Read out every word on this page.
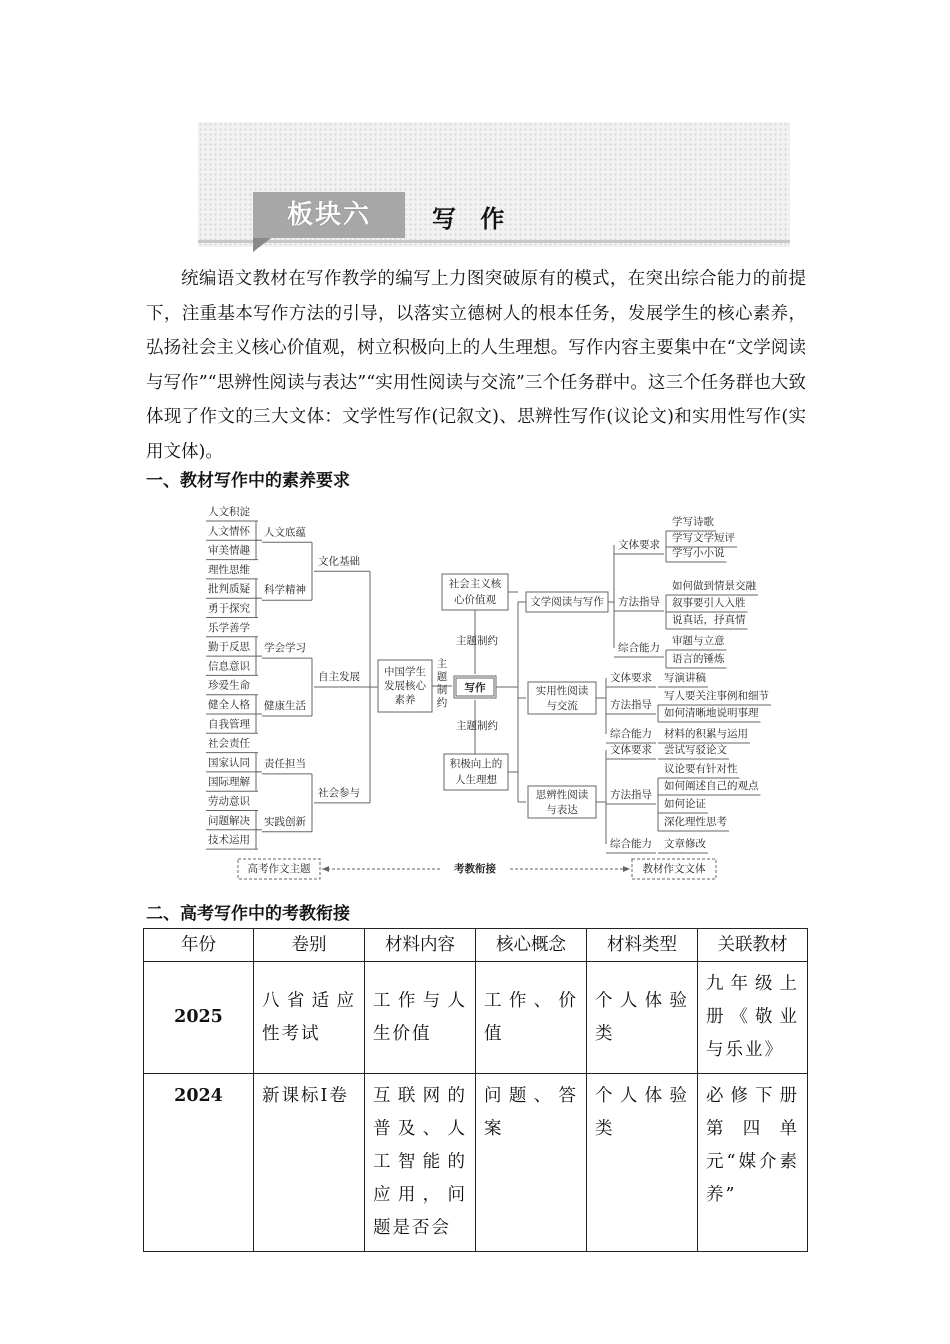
板块六	写 作
统编语文教材在写作教学的编写上力图突破原有的模式，在突出综合能力的前提下，注重基本写作方法的引导，以落实立德树人的根本任务，发展学生的核心素养，弘扬社会主义核心价值观，树立积极向上的人生理想。写作内容主要集中在“文学阅读与写作”“思辨性阅读与表达”“实用性阅读与交流”三个任务群中。这三个任务群也大致体现了作文的三大文体：文学性写作(记叙文)、思辨性写作(议论文)和实用性写作(实用文体)。
一、教材写作中的素养要求
人文积淀
人文情怀
审美情趣
理性思维
批判质疑
勇于探究
乐学善学
勤于反思
信息意识
珍爱生命
健全人格
自我管理
社会责任
国家认同
国际理解
劳动意识
问题解决
技术运用
人文底蕴
科学精神
学会学习
健康生活
责任担当
实践创新
文化基础
自主发展
社会参与
中国学生
发展核心
素养
主
题
制
约
写作
社会主义核
心价值观
积极向上的
人生理想
主题制约
主题制约
文学阅读与写作
实用性阅读
与交流
思辨性阅读
与表达
文体要求
学写诗歌
学写文学短评
学写小小说
方法指导
如何做到情景交融
叙事要引人入胜
说真话，抒真情
综合能力
审题与立意
语言的锤炼
文体要求 写演讲稿
方法指导
写人要关注事例和细节
如何清晰地说明事理
综合能力 材料的积累与运用
文体要求 尝试写驳论文
方法指导
议论要有针对性
如何阐述自己的观点
如何论证
深化理性思考
综合能力 文章修改
高考作文主题	教材作文文体
考教衔接
二、高考写作中的考教衔接
年份	卷别	材料内容	核心概念	材料类型	关联教材
2025	八省适应性考试	工作与人生价值	工作、价值	个人体验类	九年级上册《敬业与乐业》
2024	新课标Ⅰ卷	互联网的普及、人工智能的应用，问题是否会	问题、答案	个人体验类	必修下册第四单元“媒介素养”
